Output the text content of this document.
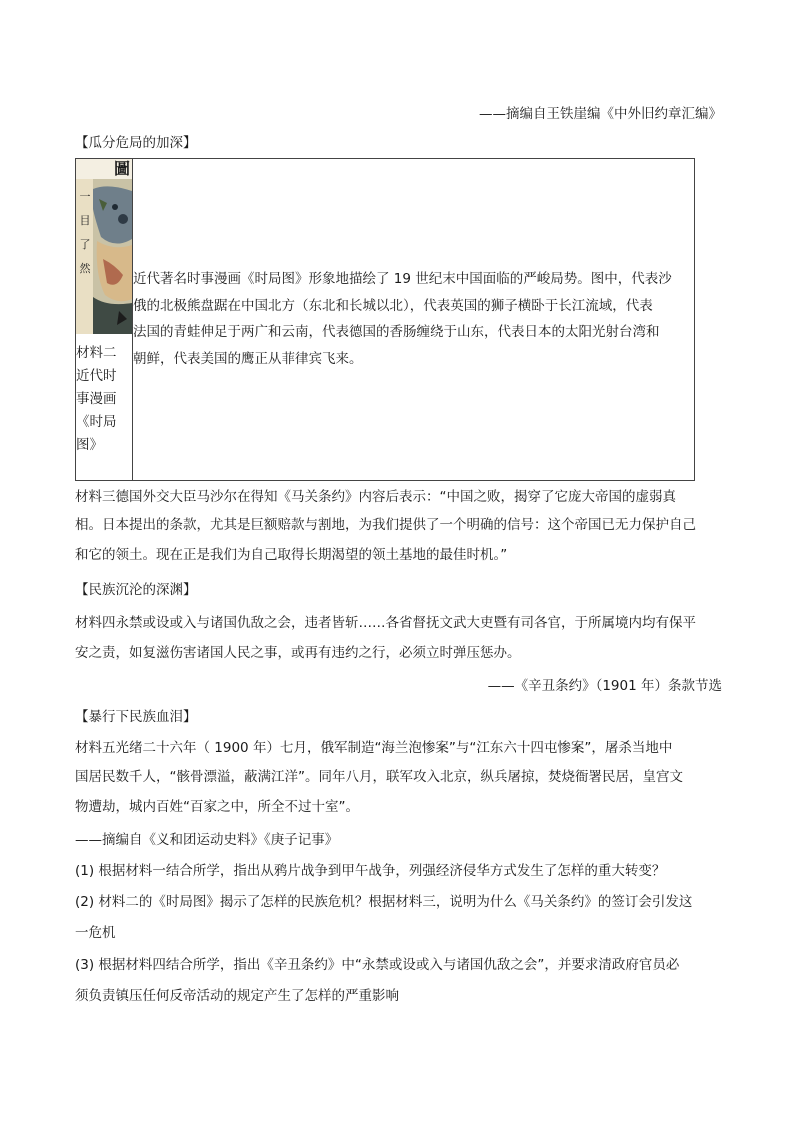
——摘编自王铁崖编《中外旧约章汇编》
【瓜分危局的加深】
圖
一
目
了
然
材料二
近代时
事漫画
《时局
图》

近代著名时事漫画《时局图》形象地描绘了 19 世纪末中国面临的严峻局势。图中，代表沙
俄的北极熊盘踞在中国北方（东北和长城以北），代表英国的狮子横卧于长江流域，代表
法国的青蛙伸足于两广和云南，代表德国的香肠缠绕于山东，代表日本的太阳光射台湾和
朝鲜，代表美国的鹰正从菲律宾飞来。
材料三德国外交大臣马沙尔在得知《马关条约》内容后表示：“中国之败，揭穿了它庞大帝国的虚弱真
相。日本提出的条款，尤其是巨额赔款与割地，为我们提供了一个明确的信号：这个帝国已无力保护自己
和它的领土。现在正是我们为自己取得长期渴望的领土基地的最佳时机。”
【民族沉沦的深渊】
材料四永禁或设或入与诸国仇敌之会，违者皆斩……各省督抚文武大吏暨有司各官，于所属境内均有保平
安之责，如复滋伤害诸国人民之事，或再有违约之行，必须立时弹压惩办。
——《辛丑条约》（1901 年）条款节选
【暴行下民族血泪】
材料五光绪二十六年（ 1900 年）七月，俄军制造“海兰泡惨案”与“江东六十四屯惨案”，屠杀当地中
国居民数千人，“骸骨漂溢，蔽满江洋”。同年八月，联军攻入北京，纵兵屠掠，焚烧衙署民居，皇宫文
物遭劫，城内百姓“百家之中，所全不过十室”。
——摘编自《义和团运动史料》《庚子记事》
(1) 根据材料一结合所学，指出从鸦片战争到甲午战争，列强经济侵华方式发生了怎样的重大转变？
(2) 材料二的《时局图》揭示了怎样的民族危机？根据材料三，说明为什么《马关条约》的签订会引发这
一危机
(3) 根据材料四结合所学，指出《辛丑条约》中“永禁或设或入与诸国仇敌之会”，并要求清政府官员必
须负责镇压任何反帝活动的规定产生了怎样的严重影响
